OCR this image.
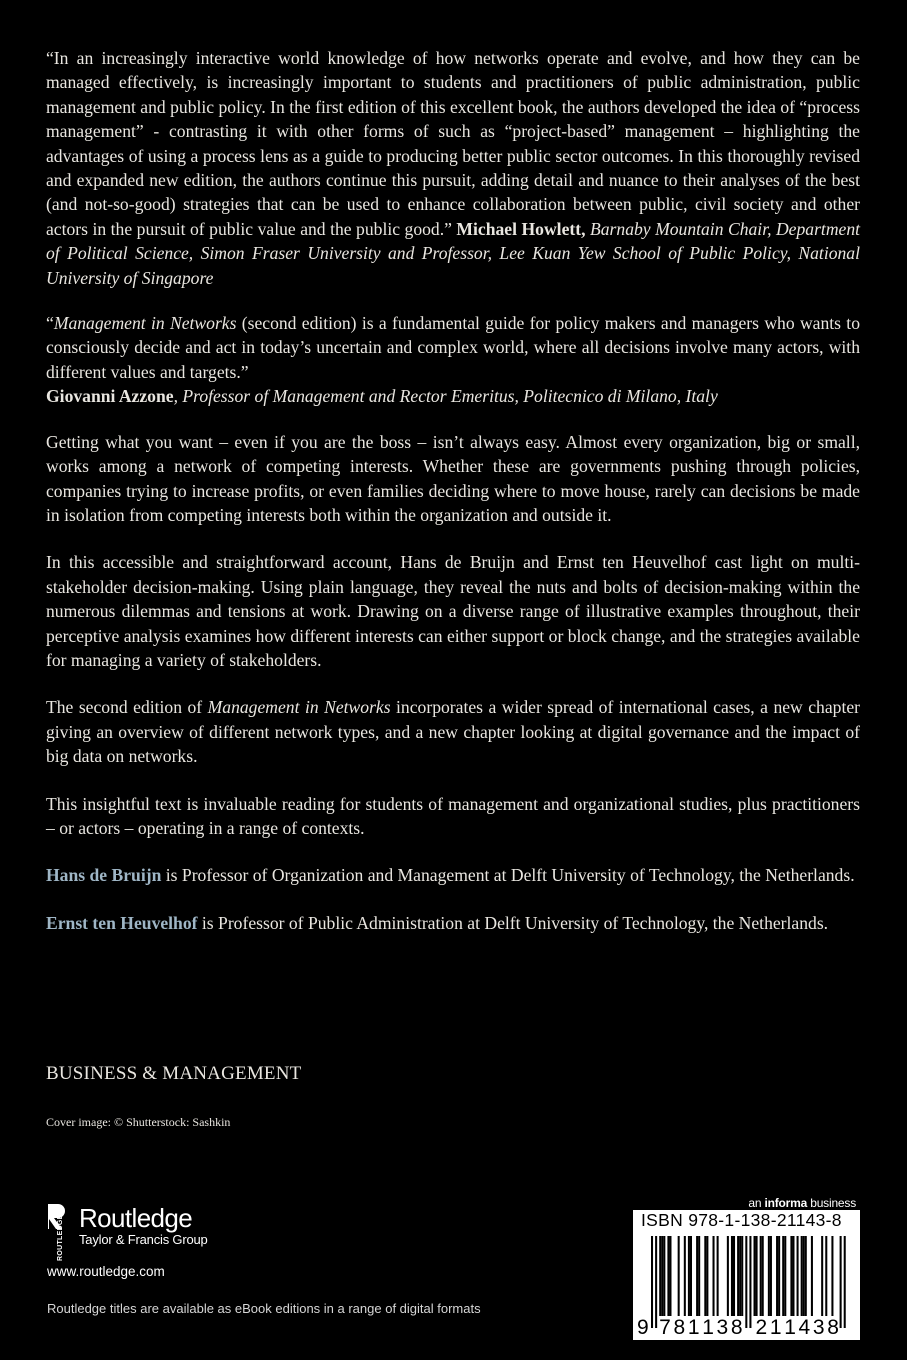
“In an increasingly interactive world knowledge of how networks operate and evolve, and how they can be managed effectively, is increasingly important to students and practitioners of public administration, public management and public policy. In the first edition of this excellent book, the authors developed the idea of “process management” - contrasting it with other forms of such as “project-based” management – highlighting the advantages of using a process lens as a guide to producing better public sector outcomes. In this thoroughly revised and expanded new edition, the authors continue this pursuit, adding detail and nuance to their analyses of the best (and not-so-good) strategies that can be used to enhance collaboration between public, civil society and other actors in the pursuit of public value and the public good.” Michael Howlett, Barnaby Mountain Chair, Department of Political Science, Simon Fraser University and Professor, Lee Kuan Yew School of Public Policy, National University of Singapore

“Management in Networks (second edition) is a fundamental guide for policy makers and managers who wants to consciously decide and act in today’s uncertain and complex world, where all decisions involve many actors, with different values and targets.”
Giovanni Azzone, Professor of Management and Rector Emeritus, Politecnico di Milano, Italy

Getting what you want – even if you are the boss – isn’t always easy. Almost every organization, big or small, works among a network of competing interests. Whether these are governments pushing through policies, companies trying to increase profits, or even families deciding where to move house, rarely can decisions be made in isolation from competing interests both within the organization and outside it.

In this accessible and straightforward account, Hans de Bruijn and Ernst ten Heuvelhof cast light on multi-stakeholder decision-making. Using plain language, they reveal the nuts and bolts of decision-making within the numerous dilemmas and tensions at work. Drawing on a diverse range of illustrative examples throughout, their perceptive analysis examines how different interests can either support or block change, and the strategies available for managing a variety of stakeholders.

The second edition of Management in Networks incorporates a wider spread of international cases, a new chapter giving an overview of different network types, and a new chapter looking at digital governance and the impact of big data on networks.

This insightful text is invaluable reading for students of management and organizational studies, plus practitioners – or actors – operating in a range of contexts.

Hans de Bruijn is Professor of Organization and Management at Delft University of Technology, the Netherlands.

Ernst ten Heuvelhof is Professor of Public Administration at Delft University of Technology, the Netherlands.

BUSINESS & MANAGEMENT
Cover image: © Shutterstock: Sashkin
ROUTLEDGE Routledge
Taylor & Francis Group
www.routledge.com
Routledge titles are available as eBook editions in a range of digital formats
an informa business
ISBN 978-1-138-21143-8
9 7 8 1 1 3 8 2 1 1 4 3 8
